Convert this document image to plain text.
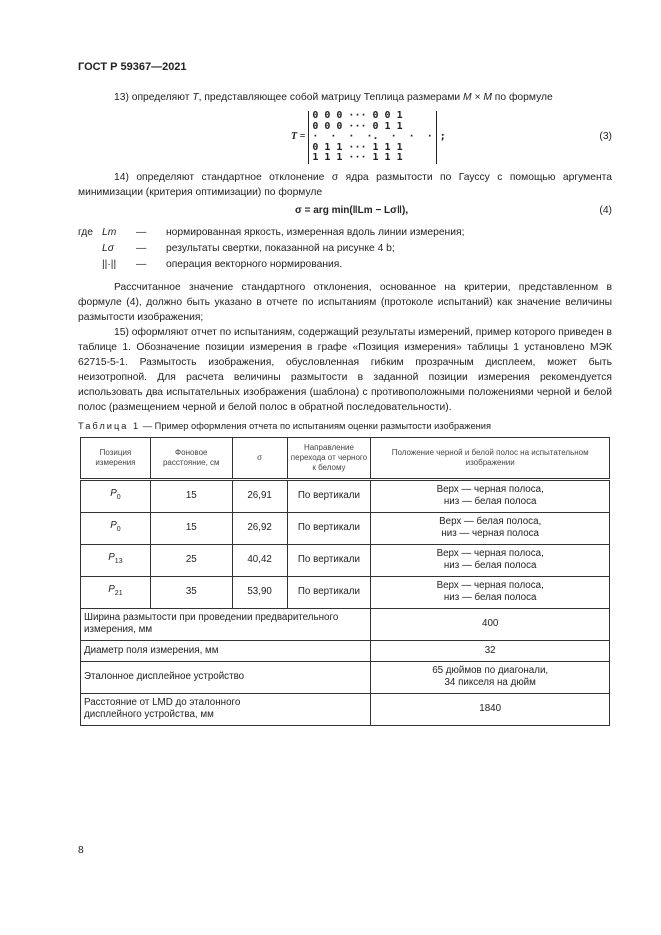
ГОСТ Р 59367—2021
13) определяют T, представляющее собой матрицу Теплица размерами M × M по формуле
T =
0 0 0 ··· 0 0 1
0 0 0 ··· 0 1 1
·  ·  ·  ·.  ·  ·  ·
0 1 1 ··· 1 1 1
1 1 1 ··· 1 1 1
;	(3)
14) определяют стандартное отклонение σ ядра размытости по Гауссу с помощью аргумента минимизации (критерия оптимизации) по формуле
σ = arg min(‖Lm − Lσ‖),	(4)
где	Lm	—	нормированная яркость, измеренная вдоль линии измерения;
	Lσ	—	результаты свертки, показанной на рисунке 4 b;
	||·||	—	операция векторного нормирования.
Рассчитанное значение стандартного отклонения, основанное на критерии, представленном в формуле (4), должно быть указано в отчете по испытаниям (протоколе испытаний) как значение величины размытости изображения;
15) оформляют отчет по испытаниям, содержащий результаты измерений, пример которого приведен в таблице 1. Обозначение позиции измерения в графе «Позиция измерения» таблицы 1 установлено МЭК 62715-5-1. Размытость изображения, обусловленная гибким прозрачным дисплеем, может быть неизотропной. Для расчета величины размытости в заданной позиции измерения рекомендуется использовать два испытательных изображения (шаблона) с противоположными положениями черной и белой полос (размещением черной и белой полос в обратной последовательности).
Таблица 1 — Пример оформления отчета по испытаниям оценки размытости изображения
Позиция измерения	Фоновое расстояние, см	σ	Направление перехода от черного к белому	Положение черной и белой полос на испытательном изображении
$P_0$	15	26,91	По вертикали	Верх — черная полоса,
низ — белая полоса
$P_0$	15	26,92	По вертикали	Верх — белая полоса,
низ — черная полоса
$P_{13}$	25	40,42	По вертикали	Верх — черная полоса,
низ — белая полоса
$P_{21}$	35	53,90	По вертикали	Верх — черная полоса,
низ — белая полоса
Ширина размытости при проведении предварительного измерения, мм				400
Диаметр поля измерения, мм				32
Эталонное дисплейное устройство				65 дюймов по диагонали, 34 пикселя на дюйм
Расстояние от LMD до эталонного дисплейного устройства, мм				1840
8
